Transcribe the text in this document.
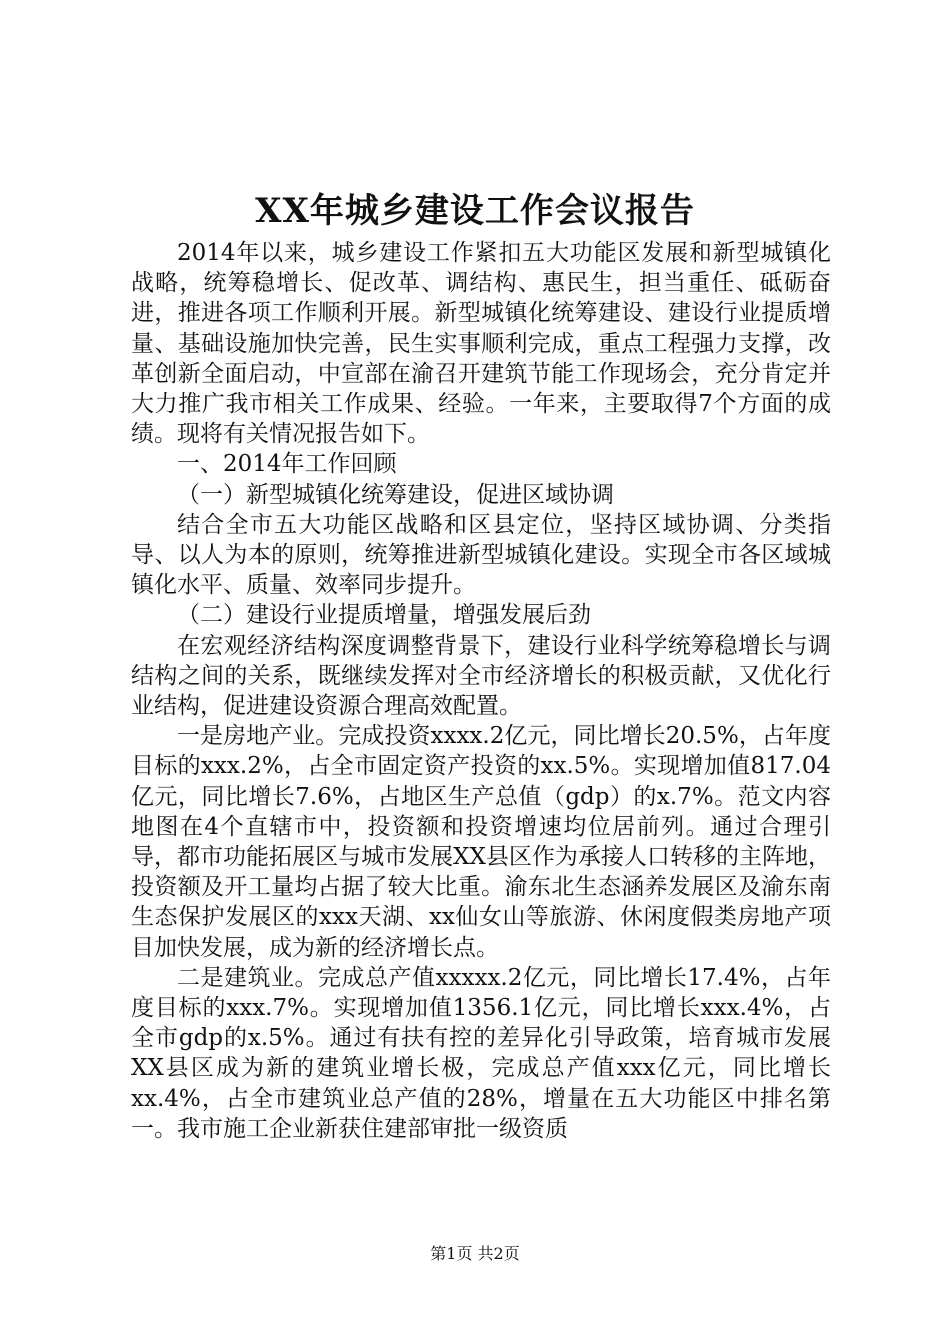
XX年城乡建设工作会议报告

2014年以来，城乡建设工作紧扣五大功能区发展和新型城镇化战略，统筹稳增长、促改革、调结构、惠民生，担当重任、砥砺奋进，推进各项工作顺利开展。新型城镇化统筹建设、建设行业提质增量、基础设施加快完善，民生实事顺利完成，重点工程强力支撑，改革创新全面启动，中宣部在渝召开建筑节能工作现场会，充分肯定并大力推广我市相关工作成果、经验。一年来，主要取得7个方面的成绩。现将有关情况报告如下。

一、2014年工作回顾

（一）新型城镇化统筹建设，促进区域协调

结合全市五大功能区战略和区县定位，坚持区域协调、分类指导、以人为本的原则，统筹推进新型城镇化建设。实现全市各区域城镇化水平、质量、效率同步提升。

（二）建设行业提质增量，增强发展后劲

在宏观经济结构深度调整背景下，建设行业科学统筹稳增长与调结构之间的关系，既继续发挥对全市经济增长的积极贡献，又优化行业结构，促进建设资源合理高效配置。

一是房地产业。完成投资xxxx.2亿元，同比增长20.5%，占年度目标的xxx.2%，占全市固定资产投资的xx.5%。实现增加值817.04亿元，同比增长7.6%，占地区生产总值（gdp）的x.7%。范文内容地图在4个直辖市中，投资额和投资增速均位居前列。通过合理引导，都市功能拓展区与城市发展XX县区作为承接人口转移的主阵地，投资额及开工量均占据了较大比重。渝东北生态涵养发展区及渝东南生态保护发展区的xxx天湖、xx仙女山等旅游、休闲度假类房地产项目加快发展，成为新的经济增长点。

二是建筑业。完成总产值xxxxx.2亿元，同比增长17.4%，占年度目标的xxx.7%。实现增加值1356.1亿元，同比增长xxx.4%，占全市gdp的x.5%。通过有扶有控的差异化引导政策，培育城市发展XX县区成为新的建筑业增长极，完成总产值xxx亿元，同比增长xx.4%，占全市建筑业总产值的28%，增量在五大功能区中排名第一。我市施工企业新获住建部审批一级资质

第1页 共2页
